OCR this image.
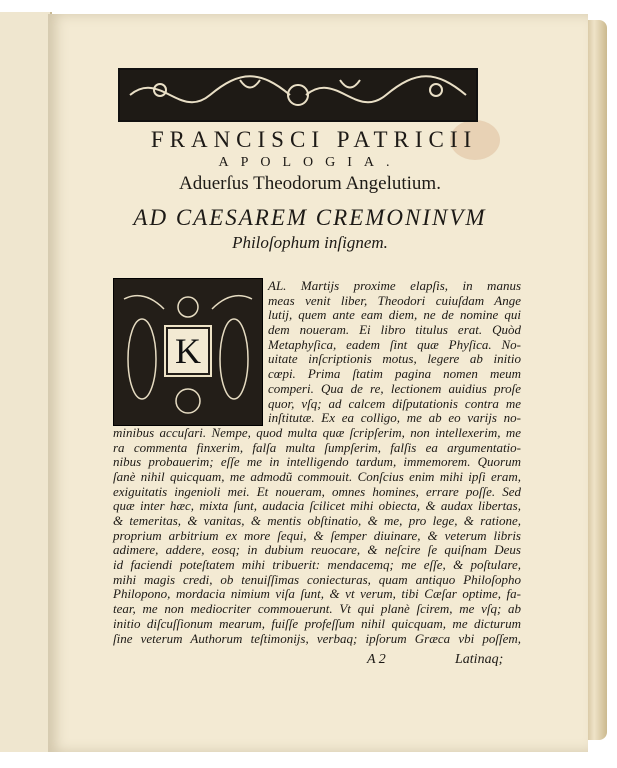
FRANCISCI PATRICII
APOLOGIA.
Aduerſus Theodorum Angelutium.
AD CAESAREM CREMONINVM
Philoſophum inſignem.
K
AL. Martijs proxime elapſis, in manus
meas venit liber, Theodori cuiuſdam Ange
lutij, quem ante eam diem, ne de nomine qui
dem noueram. Ei libro titulus erat. Quòd
Metaphyſica, eadem ſint quæ Phyſica. No-
uitate inſcriptionis motus, legere ab initio
cœpi. Prima ſtatim pagina nomen meum
comperi. Qua de re, lectionem auidius proſe
quor, vſq; ad calcem diſputationis contra me
inſtitutæ. Ex ea colligo, me ab eo varijs no-
minibus accuſari. Nempe, quod multa quæ ſcripſerim, non intellexerim, me
ra commenta finxerim, falſa multa ſumpſerim, falſis ea argumentatio-
nibus probauerim; eſſe me in intelligendo tardum, immemorem. Quorum
ſanè nihil quicquam, me admodũ commouit. Conſcius enim mihi ipſi eram,
exiguitatis ingenioli mei. Et noueram, omnes homines, errare poſſe. Sed
quæ inter hæc, mixta ſunt, audacia ſcilicet mihi obiecta, & audax libertas,
& temeritas, & vanitas, & mentis obſtinatio, & me, pro lege, & ratione,
proprium arbitrium ex more ſequi, & ſemper diuinare, & veterum libris
adimere, addere, eosq; in dubium reuocare, & neſcire ſe quiſnam Deus
id faciendi poteſtatem mihi tribuerit: mendacemq; me eſſe, & poſtulare,
mihi magis credi, ob tenuiſſimas coniecturas, quam antiquo Philoſopho
Philopono, mordacia nimium viſa ſunt, & vt verum, tibi Cæſar optime, fa-
tear, me non mediocriter commouerunt. Vt qui planè ſcirem, me vſq; ab
initio diſcuſſionum mearum, fuiſſe profeſſum nihil quicquam, me dicturum
ſine veterum Authorum teſtimonijs, verbaq; ipſorum Græca vbi poſſem,
A 2	Latinaq;
